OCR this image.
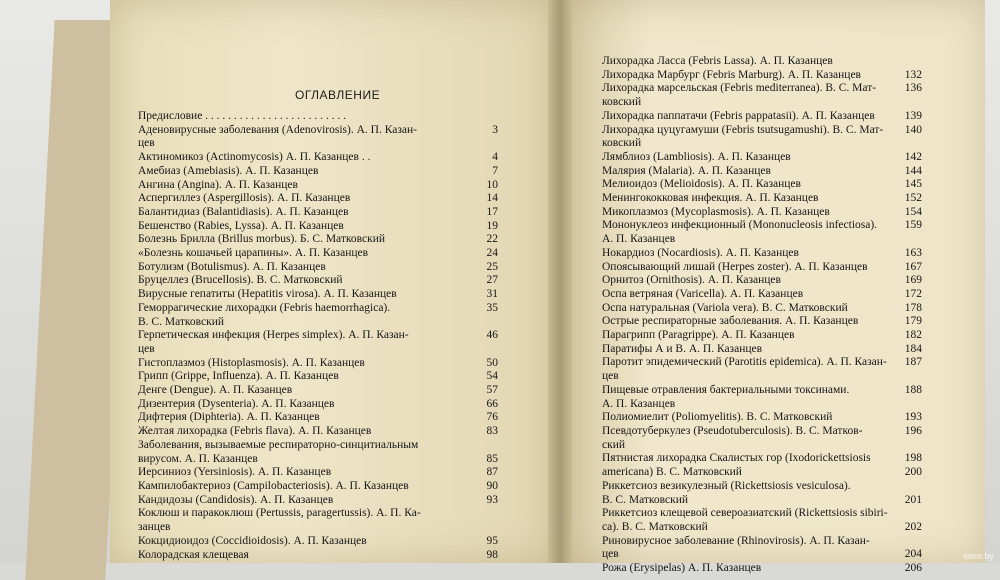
ОГЛАВЛЕНИЕ
Предисловие . . . . . . . . . . . . . . . . . . . . . . . . .
Аденовирусные заболевания (Adenovirosis). А. П. Казан-	3
цев
Актиномикоз (Actinomycosis) А. П. Казанцев . .	4
Амебиаз (Amebiasis). А. П. Казанцев	7
Ангина (Angina). А. П. Казанцев	10
Аспергиллез (Aspergillosis). А. П. Казанцев	14
Балантидиаз (Balantidiasis). А. П. Казанцев	17
Бешенство (Rabies, Lyssa). А. П. Казанцев	19
Болезнь Брилла (Brillus morbus). Б. С. Матковский	22
«Болезнь кошачьей царапины». А. П. Казанцев	24
Ботулизм (Botulismus). А. П. Казанцев	25
Бруцеллез (Brucellosis). В. С. Матковский	27
Вирусные гепатиты (Hepatitis virosa). А. П. Казанцев	31
Геморрагические лихорадки (Febris haemorrhagica).	35
В. С. Матковский
Герпетическая инфекция (Herpes simplex). А. П. Казан-	46
цев
Гистоплазмоз (Histoplasmosis). А. П. Казанцев	50
Грипп (Grippe, Influenza). А. П. Казанцев	54
Денге (Dengue). А. П. Казанцев	57
Дизентерия (Dysenteria). А. П. Казанцев	66
Дифтерия (Diphteria). А. П. Казанцев	76
Желтая лихорадка (Febris flava). А. П. Казанцев	83
Заболевания, вызываемые респираторно-синцитиальным
вирусом. А. П. Казанцев	85
Иерсиниоз (Yersiniosis). А. П. Казанцев	87
Кампилобактериоз (Campilobacteriosis). А. П. Казанцев	90
Кандидозы (Candidosis). А. П. Казанцев	93
Коклюш и паракоклюш (Pertussis, paragertussis). А. П. Ка-
занцев
Кокцидиоидоз (Coccidioidosis). А. П. Казанцев	95
Колорадская клещевая	98
Лихорадка Ласса (Febris Lassa). А. П. Казанцев
Лихорадка Марбург (Febris Marburg). А. П. Казанцев	132
Лихорадка марсельская (Febris mediterranea). В. С. Мат-	136
ковский
Лихорадка паппатачи (Febris pappatasii). А. П. Казанцев	139
Лихорадка цуцугамуши (Febris tsutsugamushi). В. С. Мат-	140
ковский
Лямблиоз (Lambliosis). А. П. Казанцев	142
Малярия (Malaria). А. П. Казанцев	144
Мелиоидоз (Melioidosis). А. П. Казанцев	145
Менингококковая инфекция. А. П. Казанцев	152
Микоплазмоз (Mycoplasmosis). А. П. Казанцев	154
Мононуклеоз инфекционный (Mononucleosis infectiosa).	159
А. П. Казанцев
Нокардиоз (Nocardiosis). А. П. Казанцев	163
Опоясывающий лишай (Herpes zoster). А. П. Казанцев	167
Орнитоз (Ornithosis). А. П. Казанцев	169
Оспа ветряная (Varicella). А. П. Казанцев	172
Оспа натуральная (Variola vera). В. С. Матковский	178
Острые респираторные заболевания. А. П. Казанцев	179
Парагрипп (Paragrippe). А. П. Казанцев	182
Паратифы А и В. А. П. Казанцев	184
Паротит эпидемический (Parotitis epidemica). А. П. Казан-	187
цев
Пищевые отравления бактериальными токсинами.	188
А. П. Казанцев
Полиомиелит (Poliomyelitis). В. С. Матковский	193
Псевдотуберкулез (Pseudotuberculosis). В. С. Матков-	196
ский
Пятнистая лихорадка Скалистых гор (Ixodorickettsiosis	198
americana) В. С. Матковский	200
Риккетсиоз везикулезный (Rickettsiosis vesiculosa).
В. С. Матковский	201
Риккетсиоз клещевой североазиатский (Rickettsiosis sibiri-
ca). В. С. Матковский	202
Риновирусное заболевание (Rhinovirosis). А. П. Казан-
цев	204
Рожа (Erysipelas) А. П. Казанцев	206
www.by
